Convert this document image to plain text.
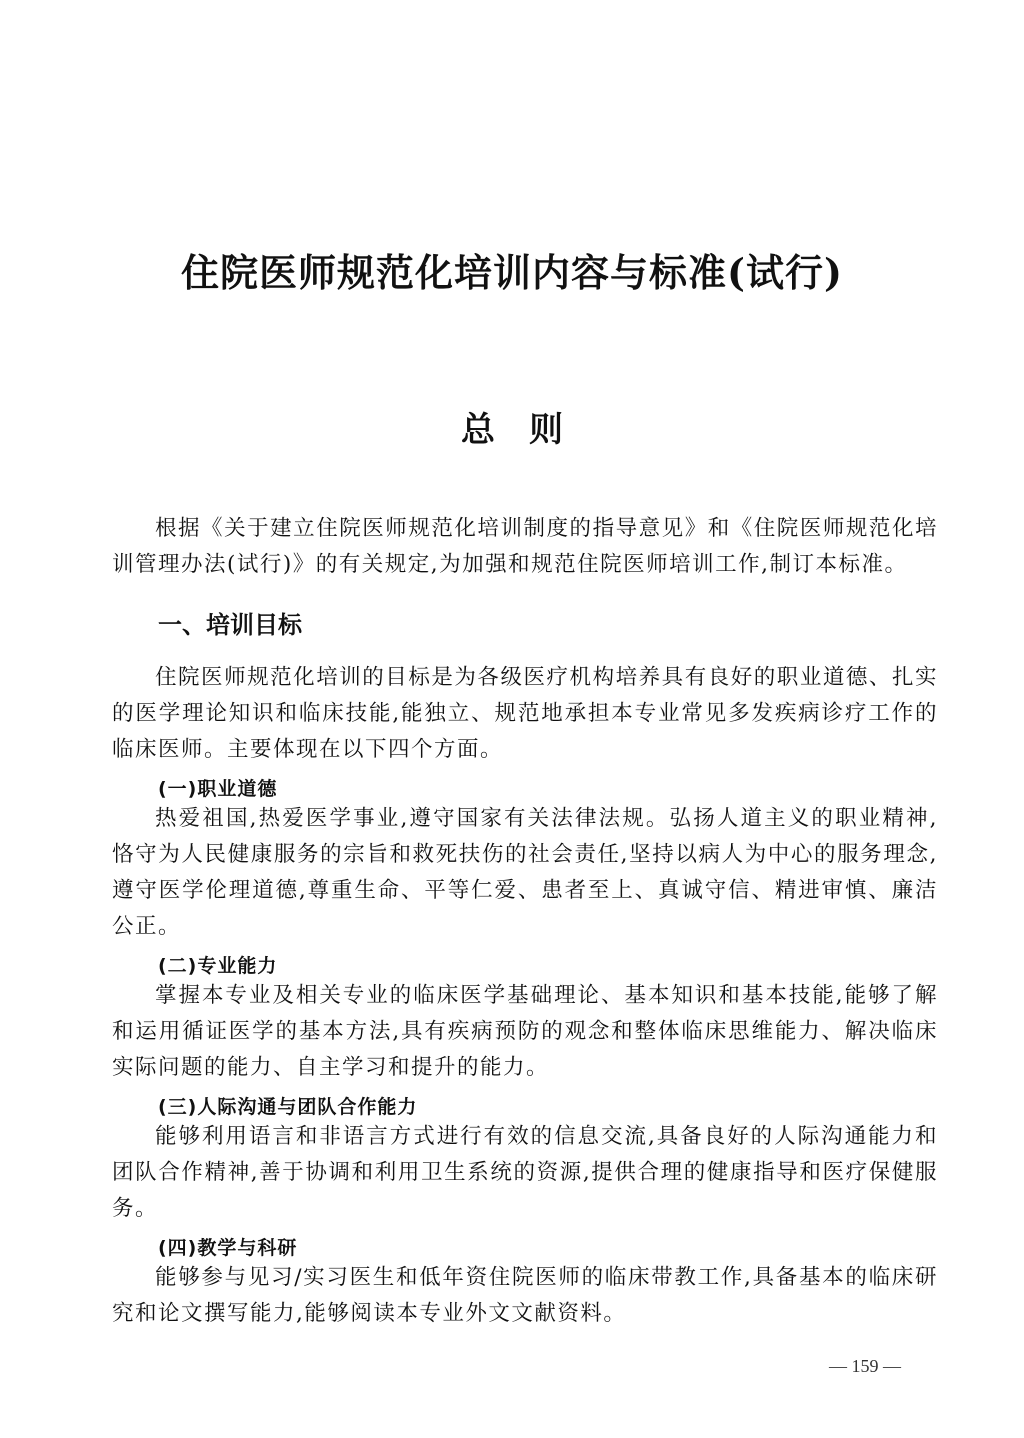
住院医师规范化培训内容与标准(试行)
总　则

根据《关于建立住院医师规范化培训制度的指导意见》和《住院医师规范化培训管理办法(试行)》的有关规定,为加强和规范住院医师培训工作,制订本标准。

一、培训目标

住院医师规范化培训的目标是为各级医疗机构培养具有良好的职业道德、扎实的医学理论知识和临床技能,能独立、规范地承担本专业常见多发疾病诊疗工作的临床医师。主要体现在以下四个方面。

(一)职业道德

热爱祖国,热爱医学事业,遵守国家有关法律法规。弘扬人道主义的职业精神,恪守为人民健康服务的宗旨和救死扶伤的社会责任,坚持以病人为中心的服务理念,遵守医学伦理道德,尊重生命、平等仁爱、患者至上、真诚守信、精进审慎、廉洁公正。

(二)专业能力

掌握本专业及相关专业的临床医学基础理论、基本知识和基本技能,能够了解和运用循证医学的基本方法,具有疾病预防的观念和整体临床思维能力、解决临床实际问题的能力、自主学习和提升的能力。

(三)人际沟通与团队合作能力

能够利用语言和非语言方式进行有效的信息交流,具备良好的人际沟通能力和团队合作精神,善于协调和利用卫生系统的资源,提供合理的健康指导和医疗保健服务。

(四)教学与科研

能够参与见习/实习医生和低年资住院医师的临床带教工作,具备基本的临床研究和论文撰写能力,能够阅读本专业外文文献资料。

— 159 —
